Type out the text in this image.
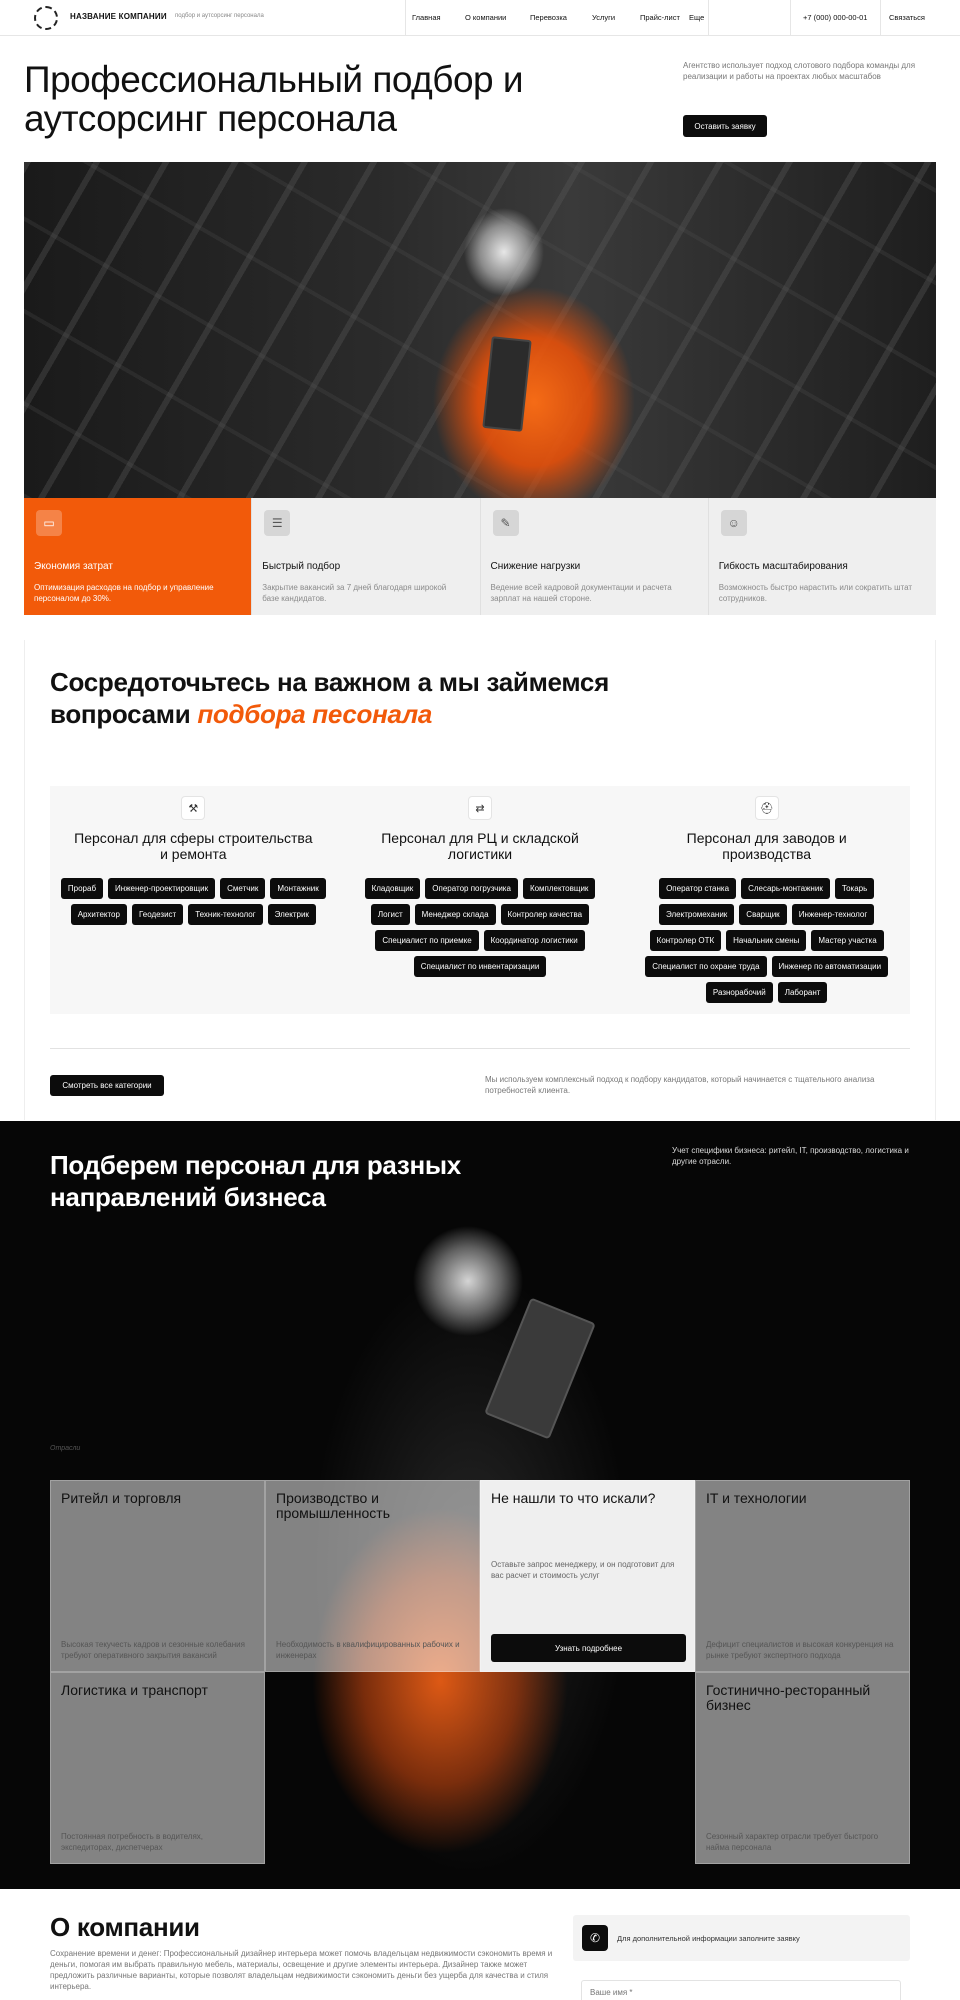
НАЗВАНИЕ КОМПАНИИ подбор и аутсорсинг персонала	Главная	О компании	Перевозка	Услуги	Прайс-лист Еще	+7 (000) 000-00-01	Связаться
Профессиональный подбор и аутсорсинг персонала

Агентство использует подход слотового подбора команды для реализации и работы на проектах любых масштабов

Оставить заявку
▭
Экономия затрат
Оптимизация расходов на подбор и управление персоналом до 30%.
☰
Быстрый подбор
Закрытие вакансий за 7 дней благодаря широкой базе кандидатов.
✎
Снижение нагрузки
Ведение всей кадровой документации и расчета зарплат на нашей стороне.
☺
Гибкость масштабирования
Возможность быстро нарастить или сократить штат сотрудников.
Сосредоточьтесь на важном а мы займемся вопросами подбора песонала
⚒
Персонал для сферы строительства и ремонта
Прораб	Инженер-проектировщик	Сметчик	Монтажник
Архитектор	Геодезист	Техник-технолог	Электрик
⇄
Персонал для РЦ и складской логистики
Кладовщик	Оператор погрузчика	Комплектовщик
Логист	Менеджер склада	Контролер качества
Специалист по приемке	Координатор логистики
Специалист по инвентаризации
⛑
Персонал для заводов и производства
Оператор станка	Слесарь-монтажник	Токарь
Электромеханик	Сварщик	Инженер-технолог
Контролер ОТК	Начальник смены	Мастер участка
Специалист по охране труда	Инженер по автоматизации
Разнорабочий	Лаборант
Смотреть все категории

Мы используем комплексный подход к подбору кандидатов, который начинается с тщательного анализа потребностей клиента.

Подберем персонал для разных направлений бизнеса

Учет специфики бизнеса: ритейл, IT, производство, логистика и другие отрасли.

Отрасли
Ритейл и торговля
Высокая текучесть кадров и сезонные колебания требуют оперативного закрытия вакансий
Производство и промышленность
Необходимость в квалифицированных рабочих и инженерах
Не нашли то что искали?
Оставьте запрос менеджеру, и он подготовит для вас расчет и стоимость услуг
Узнать подробнее
IT и технологии
Дефицит специалистов и высокая конкуренция на рынке требуют экспертного подхода
Логистика и транспорт
Постоянная потребность в водителях, экспедиторах, диспетчерах
Гостинично-ресторанный бизнес
Сезонный характер отрасли требует быстрого найма персонала
О компании

Сохранение времени и денег: Профессиональный дизайнер интерьера может помочь владельцам недвижимости сэкономить время и деньги, помогая им выбрать правильную мебель, материалы, освещение и другие элементы интерьера. Дизайнер также может предложить различные варианты, которые позволят владельцам недвижимости сэкономить деньги без ущерба для качества и стиля интерьера.

✆	Для дополнительной информации заполните заявку
Ваше имя *
